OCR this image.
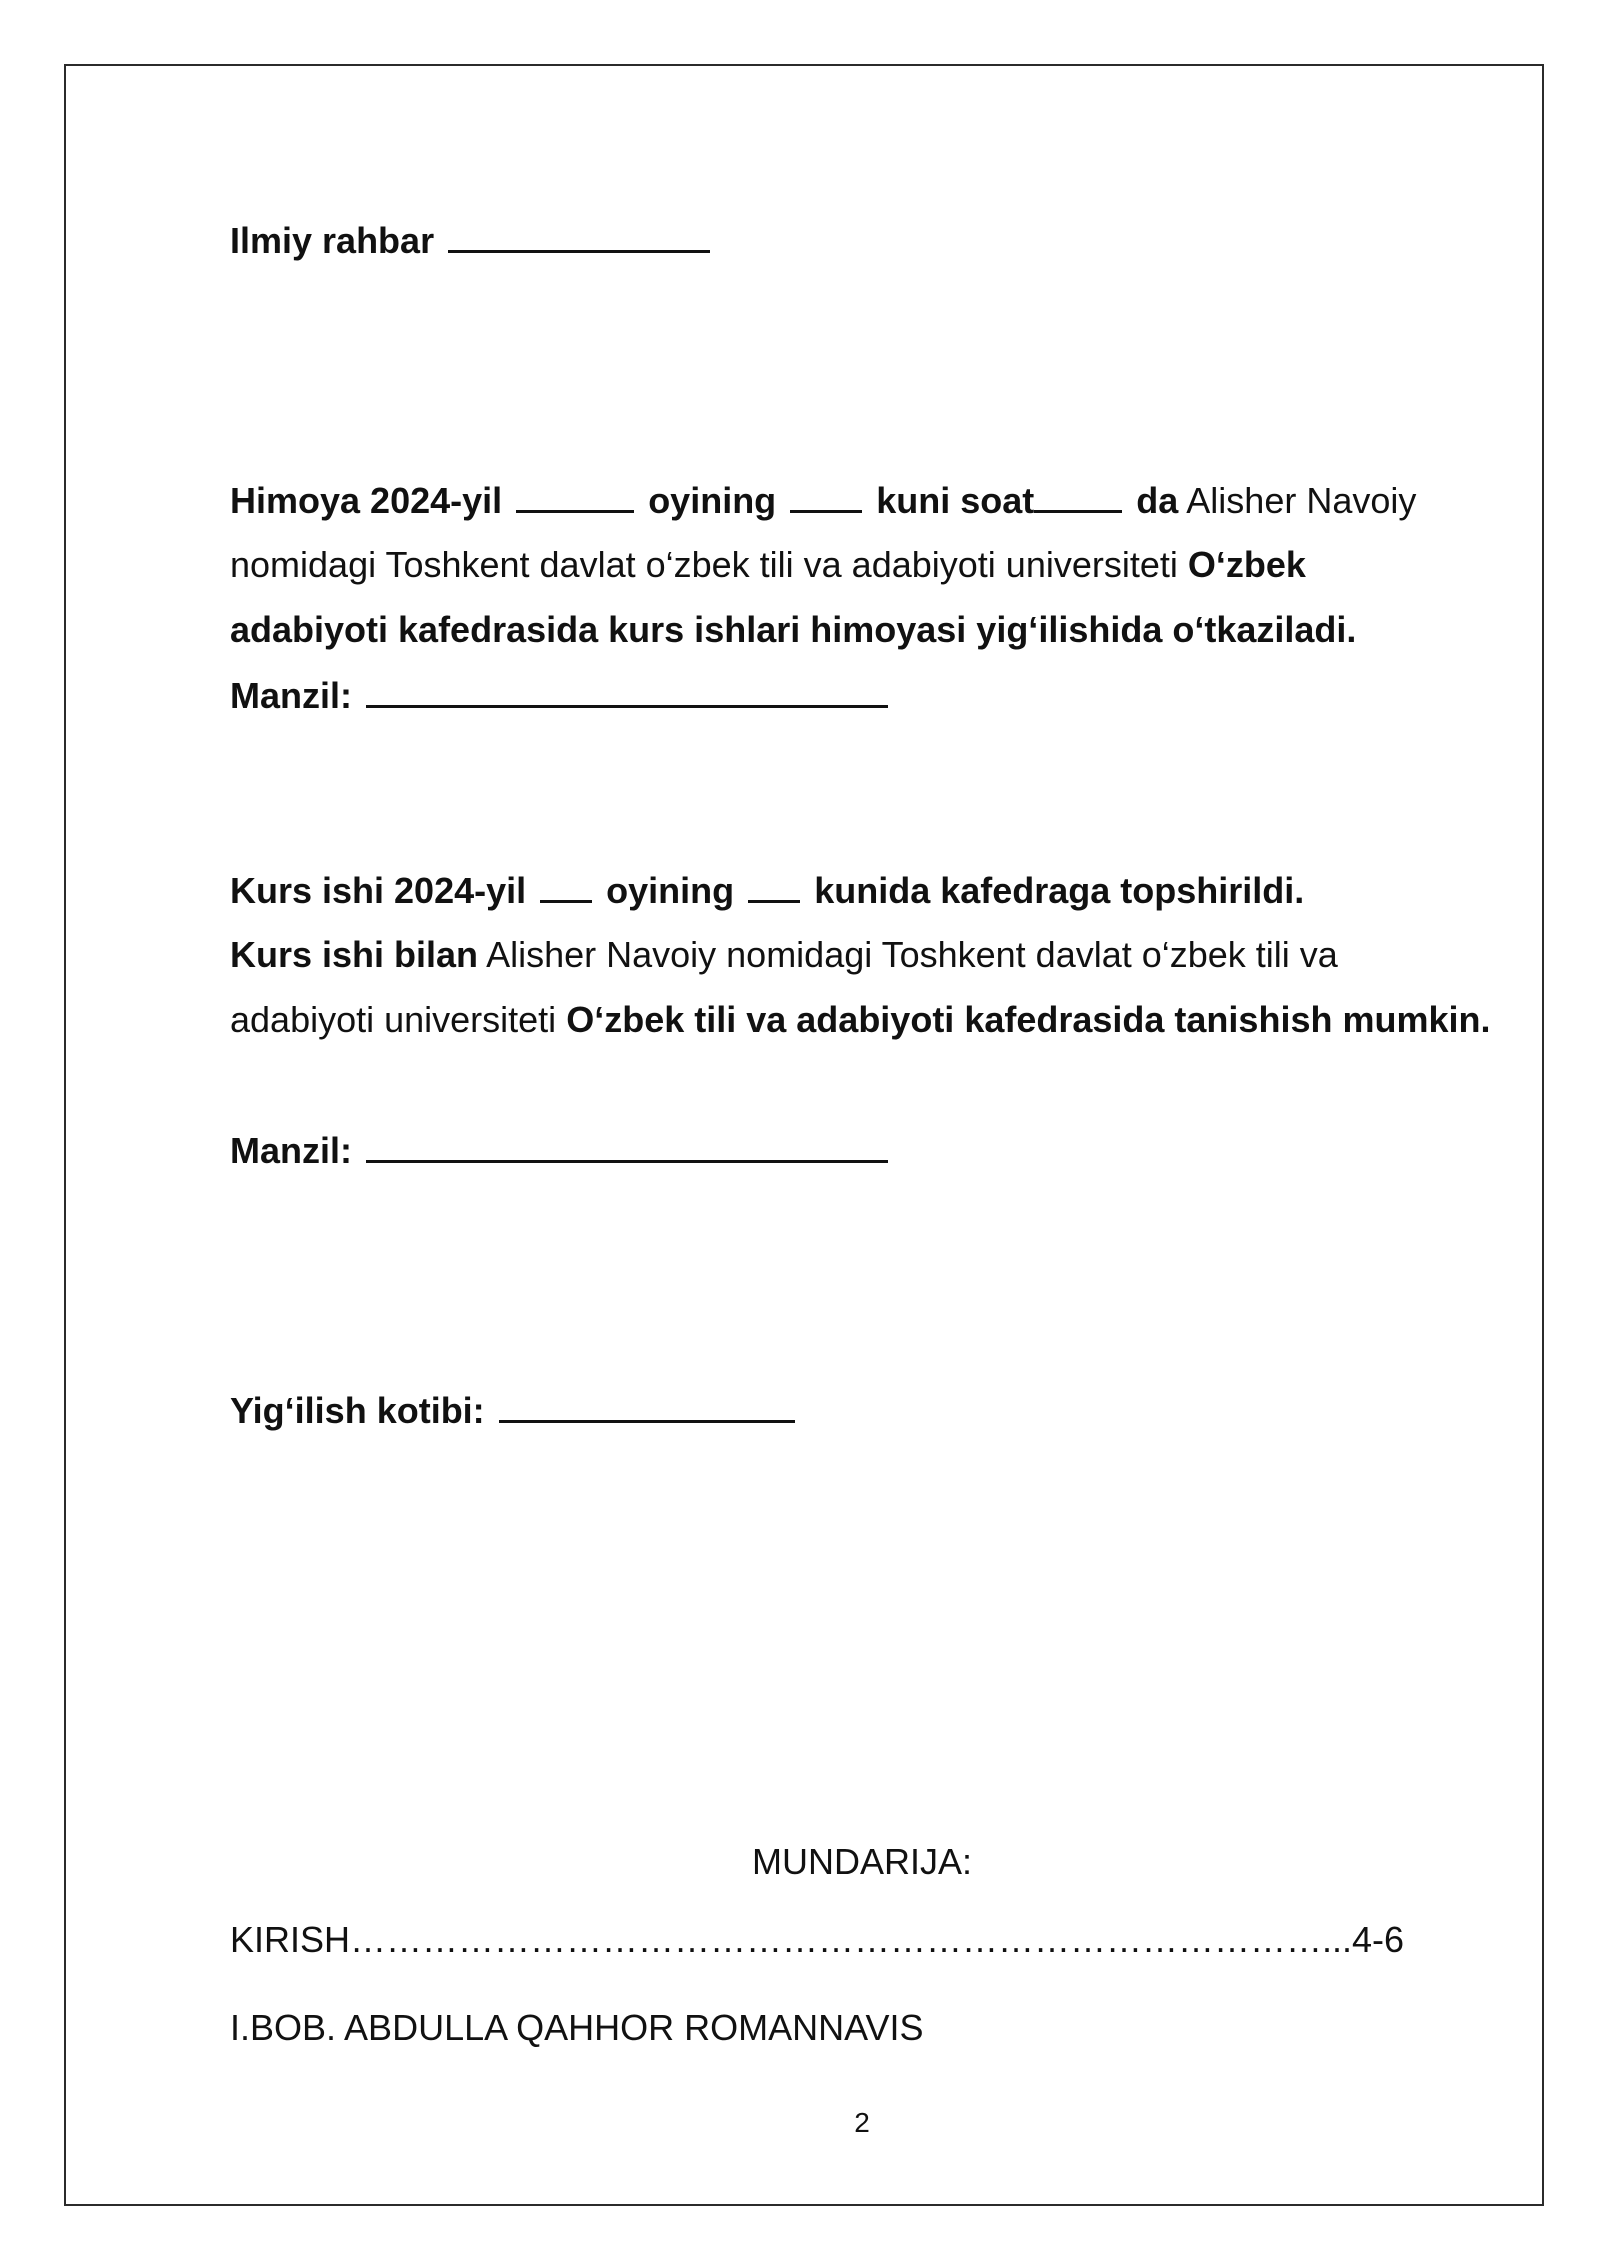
Ilmiy rahbar
Himoya 2024-yil	oyining	kuni soat	da Alisher Navoiy
nomidagi Toshkent davlat o‘zbek tili va adabiyoti universiteti O‘zbek
adabiyoti kafedrasida kurs ishlari himoyasi yig‘ilishida o‘tkaziladi.
Manzil:
Kurs ishi 2024-yil oyining kunida kafedraga topshirildi.
Kurs ishi bilan Alisher Navoiy nomidagi Toshkent davlat o‘zbek tili va
adabiyoti universiteti O‘zbek tili va adabiyoti kafedrasida tanishish mumkin.
Manzil:
Yig‘ilish kotibi:
MUNDARIJA:
KIRISH………………………………………………………………………...4-6
I.BOB. ABDULLA QAHHOR ROMANNAVIS
2
